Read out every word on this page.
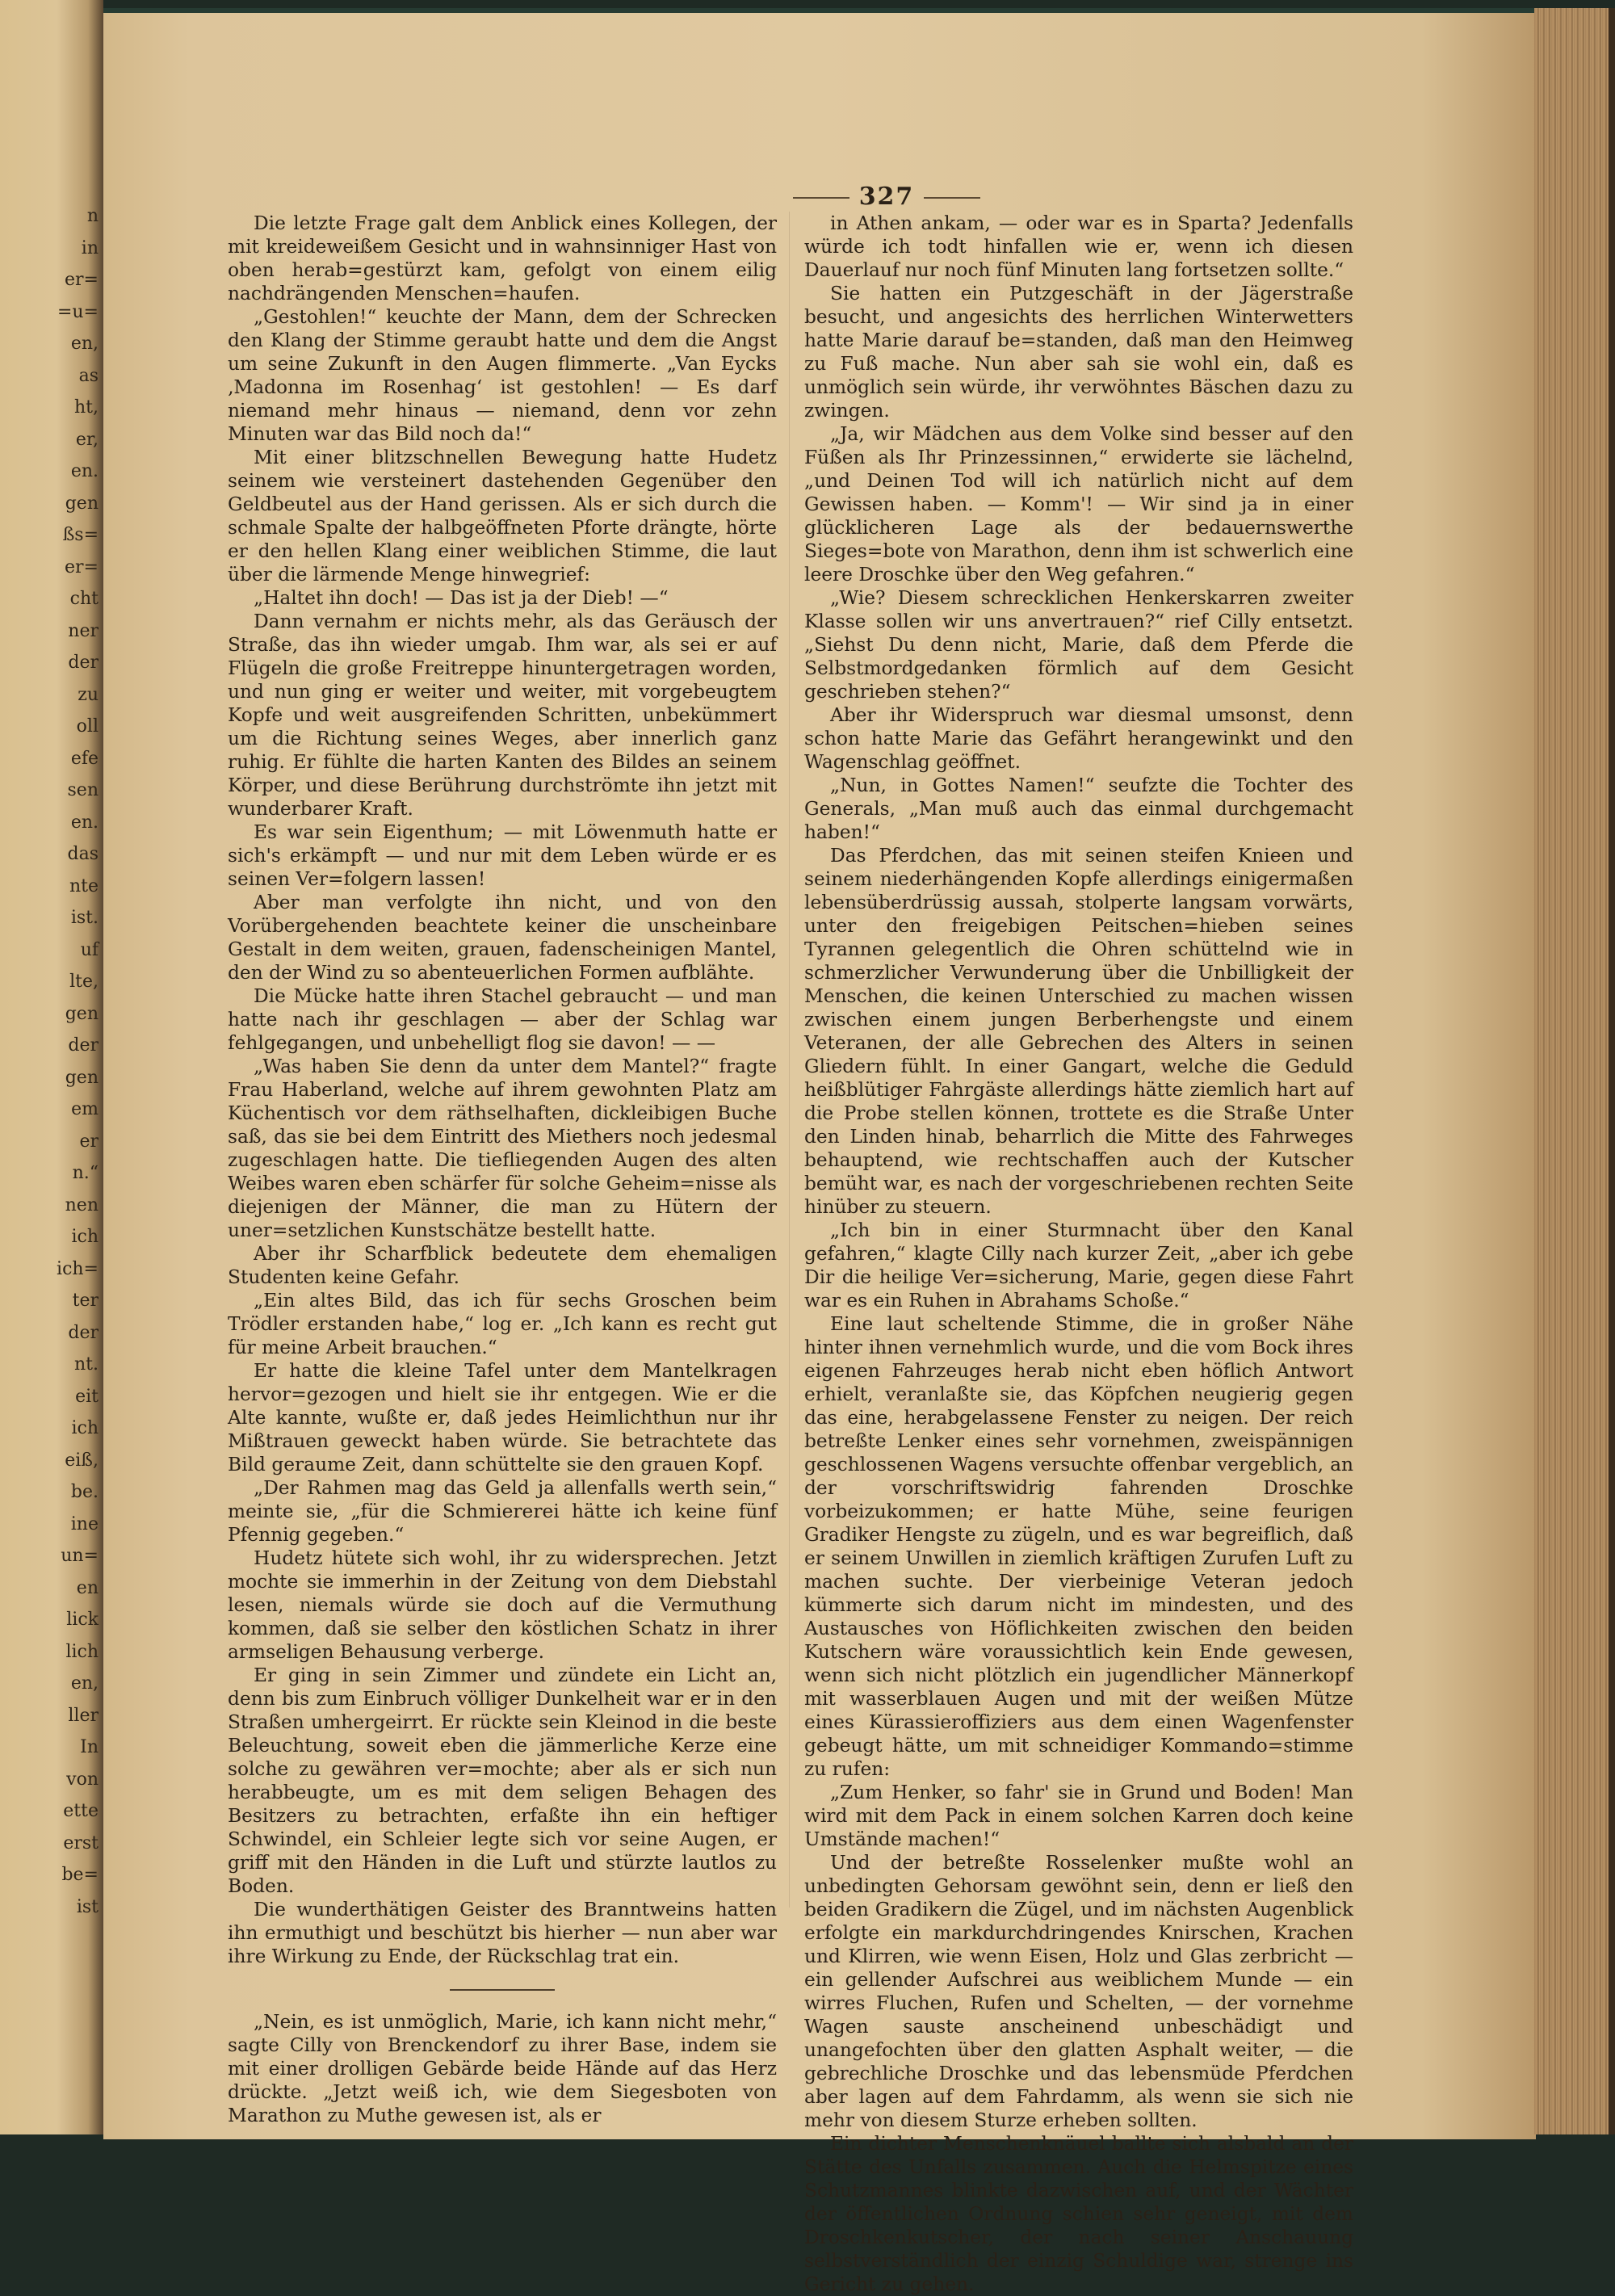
n
in
er=
=u=
en,
as
ht,
er,
en.
gen
ßs=
er=
cht
ner
der
zu
oll
efe
sen
en.
das
nte
ist.
uf
lte,
gen
der
gen
em
er
n.“
nen
ich
ich=
ter
der
nt.
eit
ich
eiß,
be.
ine
un=
en
lick
lich
en,
ller
In
von
ette
erst
be=
ist
327

Die letzte Frage galt dem Anblick eines Kollegen, der mit kreideweißem Gesicht und in wahnsinniger Hast von oben herab=gestürzt kam, gefolgt von einem eilig nachdrängenden Menschen=haufen.

„Gestohlen!“ keuchte der Mann, dem der Schrecken den Klang der Stimme geraubt hatte und dem die Angst um seine Zukunft in den Augen flimmerte. „Van Eycks ‚Madonna im Rosenhag‘ ist gestohlen! — Es darf niemand mehr hinaus — niemand, denn vor zehn Minuten war das Bild noch da!“

Mit einer blitzschnellen Bewegung hatte Hudetz seinem wie versteinert dastehenden Gegenüber den Geldbeutel aus der Hand gerissen. Als er sich durch die schmale Spalte der halbgeöffneten Pforte drängte, hörte er den hellen Klang einer weiblichen Stimme, die laut über die lärmende Menge hinwegrief:

„Haltet ihn doch! — Das ist ja der Dieb! —“

Dann vernahm er nichts mehr, als das Geräusch der Straße, das ihn wieder umgab. Ihm war, als sei er auf Flügeln die große Freitreppe hinuntergetragen worden, und nun ging er weiter und weiter, mit vorgebeugtem Kopfe und weit ausgreifenden Schritten, unbekümmert um die Richtung seines Weges, aber innerlich ganz ruhig. Er fühlte die harten Kanten des Bildes an seinem Körper, und diese Berührung durchströmte ihn jetzt mit wunderbarer Kraft.

Es war sein Eigenthum; — mit Löwenmuth hatte er sich's erkämpft — und nur mit dem Leben würde er es seinen Ver=folgern lassen!

Aber man verfolgte ihn nicht, und von den Vorübergehenden beachtete keiner die unscheinbare Gestalt in dem weiten, grauen, fadenscheinigen Mantel, den der Wind zu so abenteuerlichen Formen aufblähte.

Die Mücke hatte ihren Stachel gebraucht — und man hatte nach ihr geschlagen — aber der Schlag war fehlgegangen, und unbehelligt flog sie davon! — —

„Was haben Sie denn da unter dem Mantel?“ fragte Frau Haberland, welche auf ihrem gewohnten Platz am Küchentisch vor dem räthselhaften, dickleibigen Buche saß, das sie bei dem Eintritt des Miethers noch jedesmal zugeschlagen hatte. Die tiefliegenden Augen des alten Weibes waren eben schärfer für solche Geheim=nisse als diejenigen der Männer, die man zu Hütern der uner=setzlichen Kunstschätze bestellt hatte.

Aber ihr Scharfblick bedeutete dem ehemaligen Studenten keine Gefahr.

„Ein altes Bild, das ich für sechs Groschen beim Trödler erstanden habe,“ log er. „Ich kann es recht gut für meine Arbeit brauchen.“

Er hatte die kleine Tafel unter dem Mantelkragen hervor=gezogen und hielt sie ihr entgegen. Wie er die Alte kannte, wußte er, daß jedes Heimlichthun nur ihr Mißtrauen geweckt haben würde. Sie betrachtete das Bild geraume Zeit, dann schüttelte sie den grauen Kopf.

„Der Rahmen mag das Geld ja allenfalls werth sein,“ meinte sie, „für die Schmiererei hätte ich keine fünf Pfennig gegeben.“

Hudetz hütete sich wohl, ihr zu widersprechen. Jetzt mochte sie immerhin in der Zeitung von dem Diebstahl lesen, niemals würde sie doch auf die Vermuthung kommen, daß sie selber den köstlichen Schatz in ihrer armseligen Behausung verberge.

Er ging in sein Zimmer und zündete ein Licht an, denn bis zum Einbruch völliger Dunkelheit war er in den Straßen umhergeirrt. Er rückte sein Kleinod in die beste Beleuchtung, soweit eben die jämmerliche Kerze eine solche zu gewähren ver=mochte; aber als er sich nun herabbeugte, um es mit dem seligen Behagen des Besitzers zu betrachten, erfaßte ihn ein heftiger Schwindel, ein Schleier legte sich vor seine Augen, er griff mit den Händen in die Luft und stürzte lautlos zu Boden.

Die wunderthätigen Geister des Branntweins hatten ihn ermuthigt und beschützt bis hierher — nun aber war ihre Wirkung zu Ende, der Rückschlag trat ein.

„Nein, es ist unmöglich, Marie, ich kann nicht mehr,“ sagte Cilly von Brenckendorf zu ihrer Base, indem sie mit einer drolligen Gebärde beide Hände auf das Herz drückte. „Jetzt weiß ich, wie dem Siegesboten von Marathon zu Muthe gewesen ist, als er

in Athen ankam, — oder war es in Sparta? Jedenfalls würde ich todt hinfallen wie er, wenn ich diesen Dauerlauf nur noch fünf Minuten lang fortsetzen sollte.“

Sie hatten ein Putzgeschäft in der Jägerstraße besucht, und angesichts des herrlichen Winterwetters hatte Marie darauf be=standen, daß man den Heimweg zu Fuß mache. Nun aber sah sie wohl ein, daß es unmöglich sein würde, ihr verwöhntes Bäschen dazu zu zwingen.

„Ja, wir Mädchen aus dem Volke sind besser auf den Füßen als Ihr Prinzessinnen,“ erwiderte sie lächelnd, „und Deinen Tod will ich natürlich nicht auf dem Gewissen haben. — Komm'! — Wir sind ja in einer glücklicheren Lage als der bedauernswerthe Sieges=bote von Marathon, denn ihm ist schwerlich eine leere Droschke über den Weg gefahren.“

„Wie? Diesem schrecklichen Henkerskarren zweiter Klasse sollen wir uns anvertrauen?“ rief Cilly entsetzt. „Siehst Du denn nicht, Marie, daß dem Pferde die Selbstmordgedanken förmlich auf dem Gesicht geschrieben stehen?“

Aber ihr Widerspruch war diesmal umsonst, denn schon hatte Marie das Gefährt herangewinkt und den Wagenschlag geöffnet.

„Nun, in Gottes Namen!“ seufzte die Tochter des Generals, „Man muß auch das einmal durchgemacht haben!“

Das Pferdchen, das mit seinen steifen Knieen und seinem niederhängenden Kopfe allerdings einigermaßen lebensüberdrüssig aussah, stolperte langsam vorwärts, unter den freigebigen Peitschen=hieben seines Tyrannen gelegentlich die Ohren schüttelnd wie in schmerzlicher Verwunderung über die Unbilligkeit der Menschen, die keinen Unterschied zu machen wissen zwischen einem jungen Berberhengste und einem Veteranen, der alle Gebrechen des Alters in seinen Gliedern fühlt. In einer Gangart, welche die Geduld heißblütiger Fahrgäste allerdings hätte ziemlich hart auf die Probe stellen können, trottete es die Straße Unter den Linden hinab, beharrlich die Mitte des Fahrweges behauptend, wie rechtschaffen auch der Kutscher bemüht war, es nach der vorgeschriebenen rechten Seite hinüber zu steuern.

„Ich bin in einer Sturmnacht über den Kanal gefahren,“ klagte Cilly nach kurzer Zeit, „aber ich gebe Dir die heilige Ver=sicherung, Marie, gegen diese Fahrt war es ein Ruhen in Abrahams Schoße.“

Eine laut scheltende Stimme, die in großer Nähe hinter ihnen vernehmlich wurde, und die vom Bock ihres eigenen Fahrzeuges herab nicht eben höflich Antwort erhielt, veranlaßte sie, das Köpfchen neugierig gegen das eine, herabgelassene Fenster zu neigen. Der reich betreßte Lenker eines sehr vornehmen, zweispännigen geschlossenen Wagens versuchte offenbar vergeblich, an der vorschriftswidrig fahrenden Droschke vorbeizukommen; er hatte Mühe, seine feurigen Gradiker Hengste zu zügeln, und es war begreiflich, daß er seinem Unwillen in ziemlich kräftigen Zurufen Luft zu machen suchte. Der vierbeinige Veteran jedoch kümmerte sich darum nicht im mindesten, und des Austausches von Höflichkeiten zwischen den beiden Kutschern wäre voraussichtlich kein Ende gewesen, wenn sich nicht plötzlich ein jugendlicher Männerkopf mit wasserblauen Augen und mit der weißen Mütze eines Kürassieroffiziers aus dem einen Wagenfenster gebeugt hätte, um mit schneidiger Kommando=stimme zu rufen:

„Zum Henker, so fahr' sie in Grund und Boden! Man wird mit dem Pack in einem solchen Karren doch keine Umstände machen!“

Und der betreßte Rosselenker mußte wohl an unbedingten Gehorsam gewöhnt sein, denn er ließ den beiden Gradikern die Zügel, und im nächsten Augenblick erfolgte ein markdurchdringendes Knirschen, Krachen und Klirren, wie wenn Eisen, Holz und Glas zerbricht — ein gellender Aufschrei aus weiblichem Munde — ein wirres Fluchen, Rufen und Schelten, — der vornehme Wagen sauste anscheinend unbeschädigt und unangefochten über den glatten Asphalt weiter, — die gebrechliche Droschke und das lebensmüde Pferdchen aber lagen auf dem Fahrdamm, als wenn sie sich nie mehr von diesem Sturze erheben sollten.

Ein dichter Menschenknäuel ballte sich alsbald an der Stätte des Unfalls zusammen. Auch die Helmspitze eines Schutzmannes blinkte dazwischen auf, und der Wächter der öffentlichen Ordnung schien sehr geneigt, mit dem Droschkenkutscher, der nach seiner Anschauung selbstverständlich der einzig Schuldige war, strenge ins Gericht zu gehen.
